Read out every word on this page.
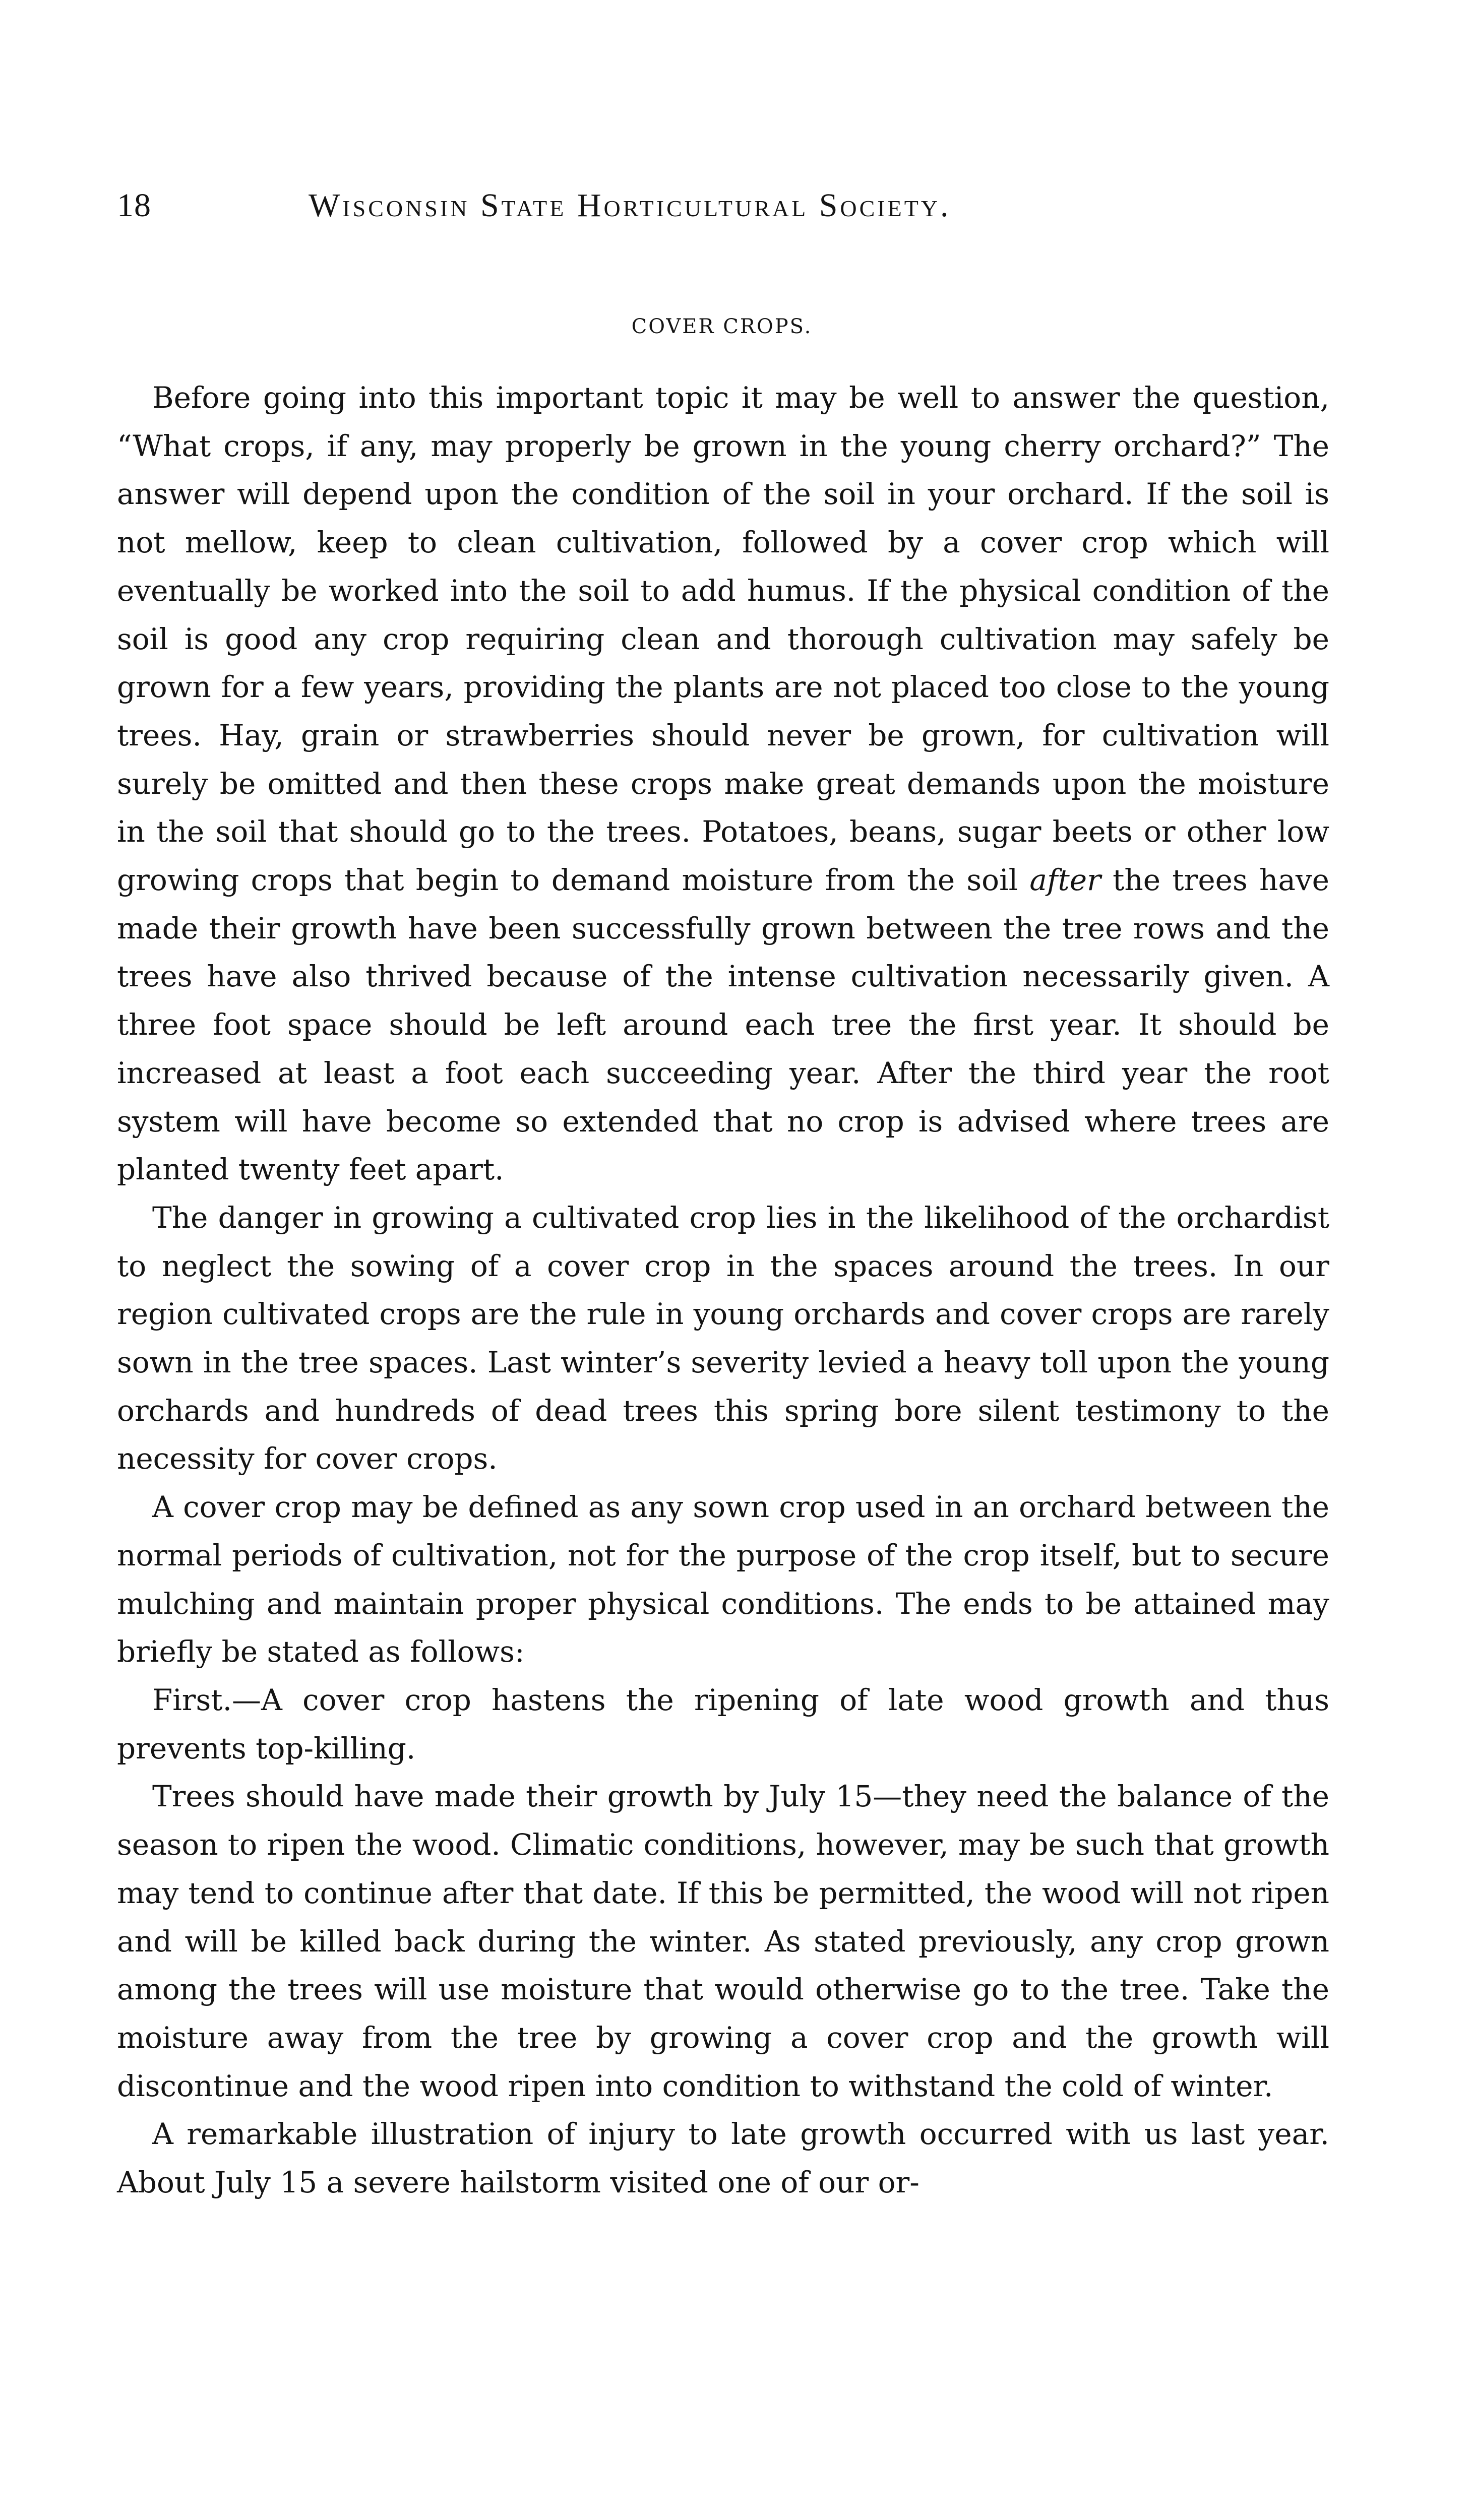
18	Wisconsin State Horticultural Society.
COVER CROPS.

Before going into this important topic it may be well to answer the question, “What crops, if any, may properly be grown in the young cherry orchard?” The answer will depend upon the condition of the soil in your orchard. If the soil is not mellow, keep to clean cultivation, followed by a cover crop which will eventually be worked into the soil to add humus. If the physical condition of the soil is good any crop requiring clean and thorough cultivation may safely be grown for a few years, providing the plants are not placed too close to the young trees. Hay, grain or strawberries should never be grown, for cultivation will surely be omitted and then these crops make great demands upon the moisture in the soil that should go to the trees. Potatoes, beans, sugar beets or other low growing crops that begin to demand moisture from the soil after the trees have made their growth have been successfully grown between the tree rows and the trees have also thrived because of the intense cultivation necessarily given. A three foot space should be left around each tree the first year. It should be increased at least a foot each succeeding year. After the third year the root system will have become so extended that no crop is advised where trees are planted twenty feet apart.

The danger in growing a cultivated crop lies in the likelihood of the orchardist to neglect the sowing of a cover crop in the spaces around the trees. In our region cultivated crops are the rule in young orchards and cover crops are rarely sown in the tree spaces. Last winter’s severity levied a heavy toll upon the young orchards and hundreds of dead trees this spring bore silent testimony to the necessity for cover crops.

A cover crop may be defined as any sown crop used in an orchard between the normal periods of cultivation, not for the purpose of the crop itself, but to secure mulching and maintain proper physical conditions. The ends to be attained may briefly be stated as follows:

First.—A cover crop hastens the ripening of late wood growth and thus prevents top-killing.

Trees should have made their growth by July 15—they need the balance of the season to ripen the wood. Climatic conditions, however, may be such that growth may tend to continue after that date. If this be permitted, the wood will not ripen and will be killed back during the winter. As stated previously, any crop grown among the trees will use moisture that would otherwise go to the tree. Take the moisture away from the tree by growing a cover crop and the growth will discontinue and the wood ripen into condition to withstand the cold of winter.

A remarkable illustration of injury to late growth occurred with us last year. About July 15 a severe hailstorm visited one of our or-
